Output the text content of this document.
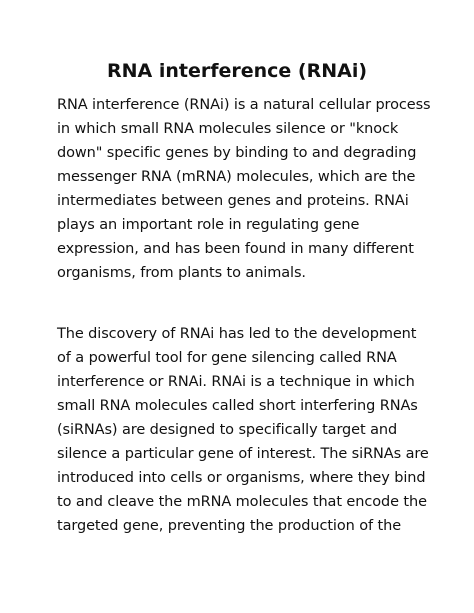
RNA interference (RNAi)
RNA interference (RNAi) is a natural cellular process
in which small RNA molecules silence or "knock
down" specific genes by binding to and degrading
messenger RNA (mRNA) molecules, which are the
intermediates between genes and proteins. RNAi
plays an important role in regulating gene
expression, and has been found in many different
organisms, from plants to animals.
The discovery of RNAi has led to the development
of a powerful tool for gene silencing called RNA
interference or RNAi. RNAi is a technique in which
small RNA molecules called short interfering RNAs
(siRNAs) are designed to specifically target and
silence a particular gene of interest. The siRNAs are
introduced into cells or organisms, where they bind
to and cleave the mRNA molecules that encode the
targeted gene, preventing the production of the
